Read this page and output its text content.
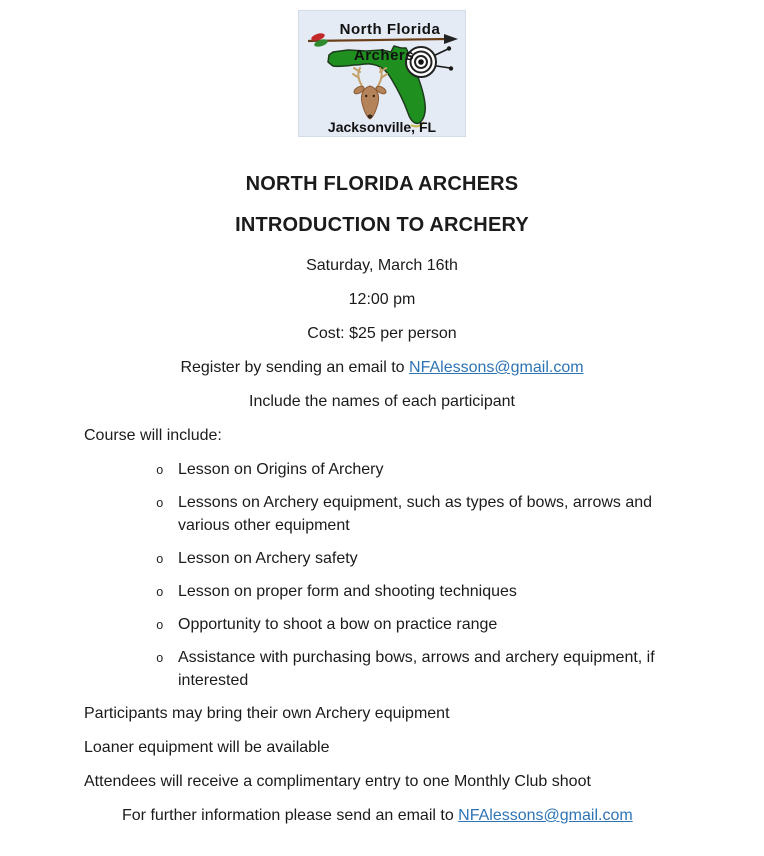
North Florida
Archers
Jacksonville, FL
NORTH FLORIDA ARCHERS
INTRODUCTION TO ARCHERY

Saturday, March 16th

12:00 pm

Cost: $25 per person

Register by sending an email to NFAlessons@gmail.com

Include the names of each participant

Course will include:

o Lesson on Origins of Archery
o Lessons on Archery equipment, such as types of bows, arrows and various other equipment
o Lesson on Archery safety
o Lesson on proper form and shooting techniques
o Opportunity to shoot a bow on practice range
o Assistance with purchasing bows, arrows and archery equipment, if interested

Participants may bring their own Archery equipment

Loaner equipment will be available

Attendees will receive a complimentary entry to one Monthly Club shoot

For further information please send an email to NFAlessons@gmail.com
